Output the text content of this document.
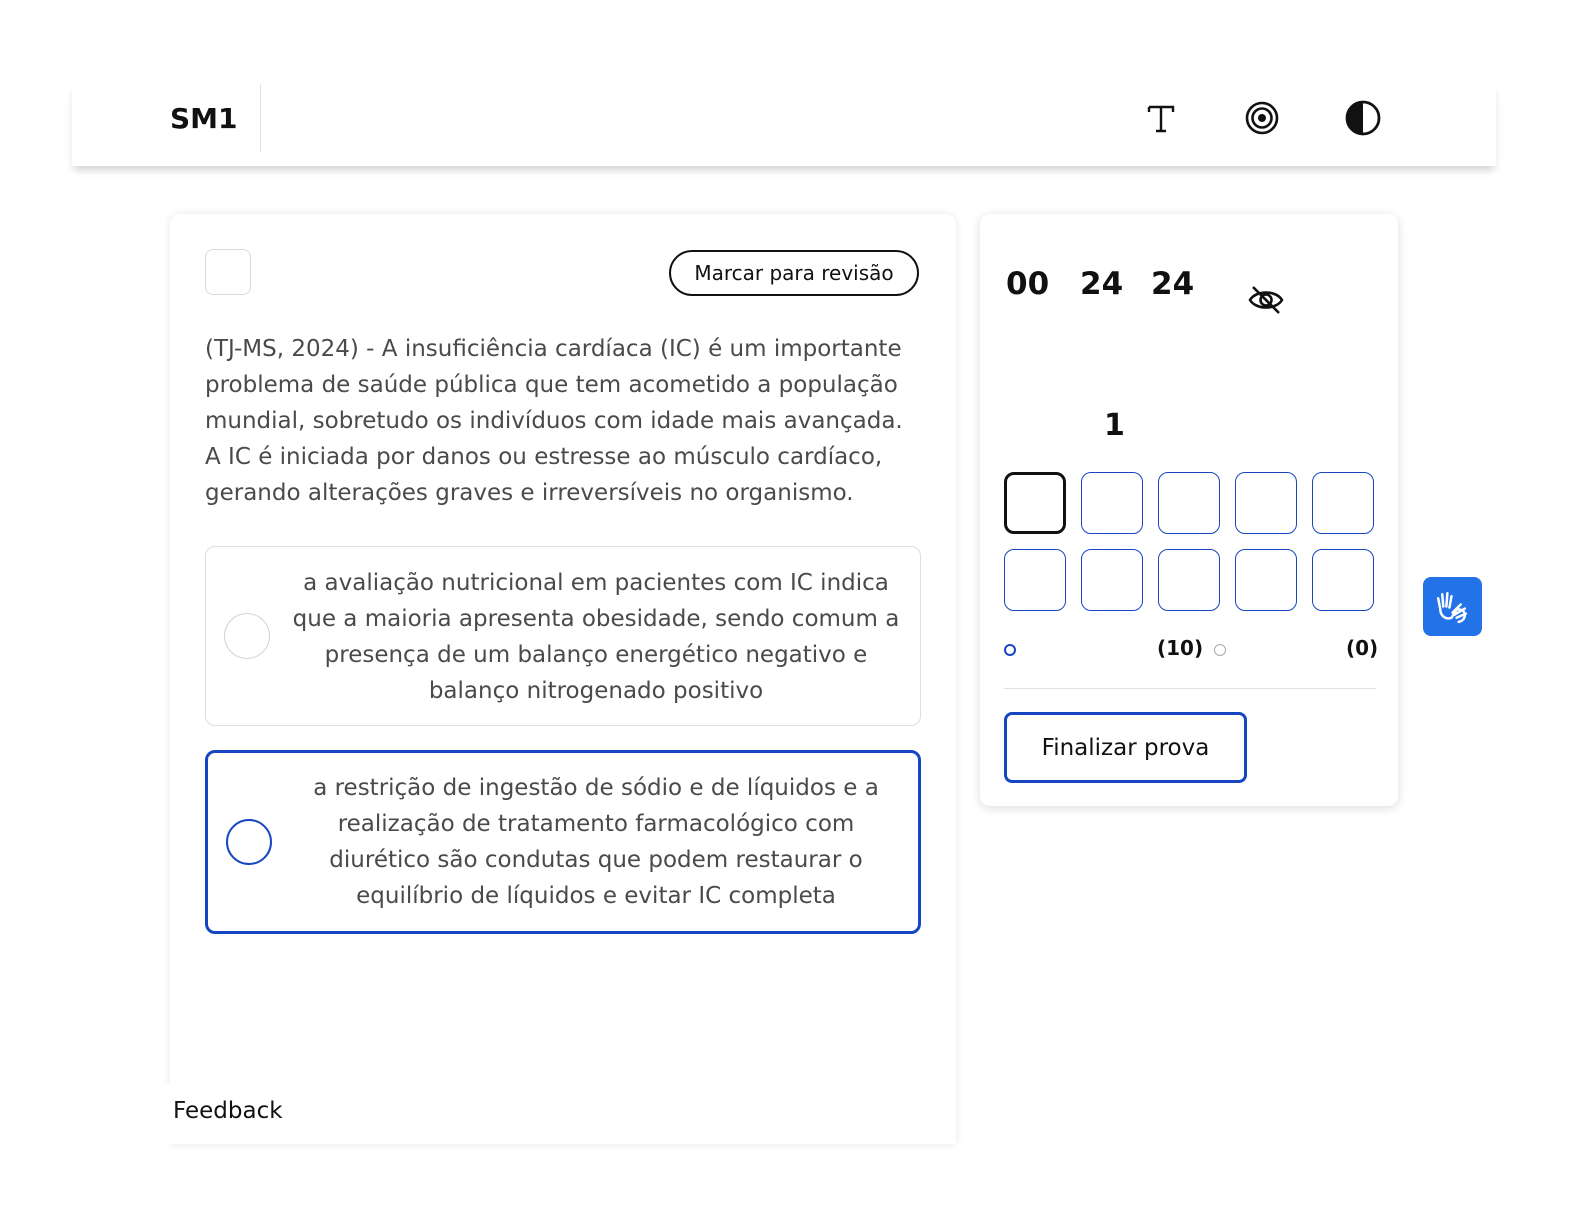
SM1
Marcar para revisão
(TJ-MS, 2024) - A insuficiência cardíaca (IC) é um importante problema de saúde pública que tem acometido a população mundial, sobretudo os indivíduos com idade mais avançada. A IC é iniciada por danos ou estresse ao músculo cardíaco, gerando alterações graves e irreversíveis no organismo.
a avaliação nutricional em pacientes com IC indica que a maioria apresenta obesidade, sendo comum a presença de um balanço energético negativo e balanço nitrogenado positivo
a restrição de ingestão de sódio e de líquidos e a realização de tratamento farmacológico com diurético são condutas que podem restaurar o equilíbrio de líquidos e evitar IC completa
Feedback
00 24 24
1
(10)	(0)
Finalizar prova
